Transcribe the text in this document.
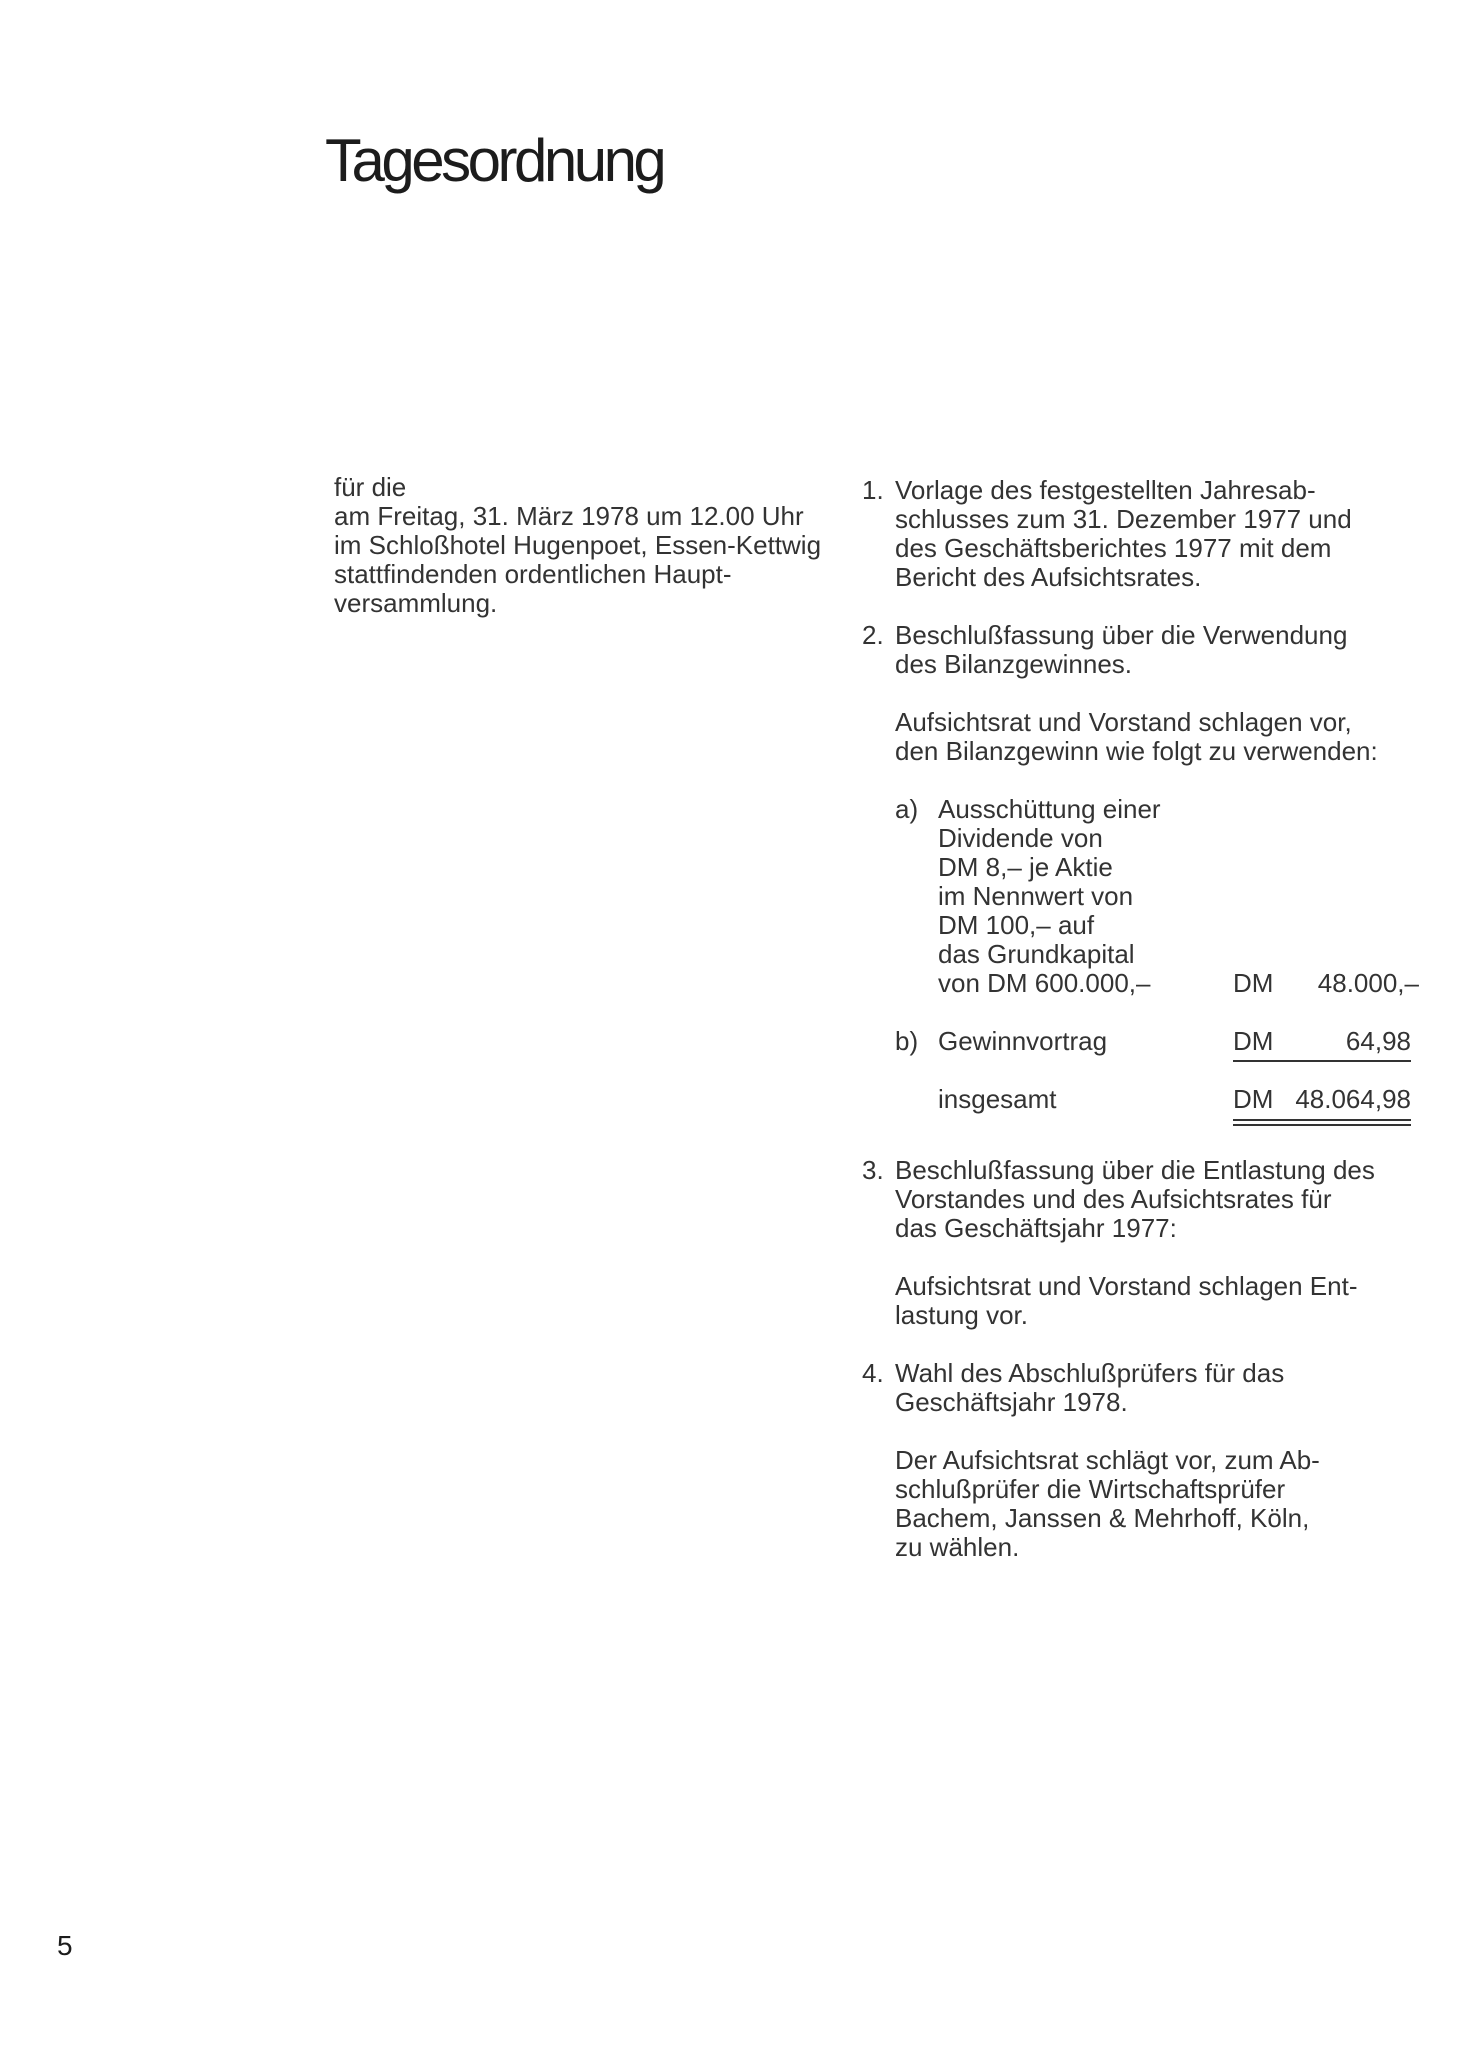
Tagesordnung
für die
am Freitag, 31. März 1978 um 12.00 Uhr
im Schloßhotel Hugenpoet, Essen-Kettwig
stattfindenden ordentlichen Haupt-
versammlung.
1. Vorlage des festgestellten Jahresab-
schlusses zum 31. Dezember 1977 und
des Geschäftsberichtes 1977 mit dem
Bericht des Aufsichtsrates.
2. Beschlußfassung über die Verwendung
des Bilanzgewinnes.
Aufsichtsrat und Vorstand schlagen vor,
den Bilanzgewinn wie folgt zu verwenden:
a) Ausschüttung einer
Dividende von
DM 8,– je Aktie
im Nennwert von
DM 100,– auf
das Grundkapital
von DM 600.000,–	DM 48.000,–
b) Gewinnvortrag	DM	64,98
insgesamt	DM 48.064,98
3. Beschlußfassung über die Entlastung des
Vorstandes und des Aufsichtsrates für
das Geschäftsjahr 1977:
Aufsichtsrat und Vorstand schlagen Ent-
lastung vor.
4. Wahl des Abschlußprüfers für das
Geschäftsjahr 1978.
Der Aufsichtsrat schlägt vor, zum Ab-
schlußprüfer die Wirtschaftsprüfer
Bachem, Janssen & Mehrhoff, Köln,
zu wählen.
5
